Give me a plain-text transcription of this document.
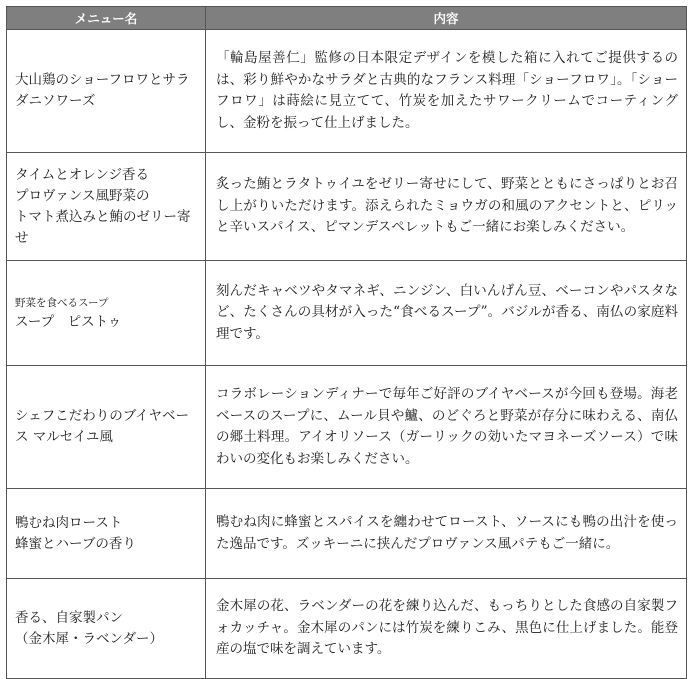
メニュー名	内容

大山鶏のショーフロワとサラダニソワーズ	「輪島屋善仁」監修の日本限定デザインを模した箱に入れてご提供するのは、彩り鮮やかなサラダと古典的なフランス料理「ショーフロワ」。「ショーフロワ」は蒔絵に見立てて、竹炭を加えたサワークリームでコーティングし、金粉を振って仕上げました。

タイムとオレンジ香る
プロヴァンス風野菜の
トマト煮込みと鮪のゼリー寄せ	炙った鮪とラタトゥイユをゼリー寄せにして、野菜とともにさっぱりとお召し上がりいただけます。添えられたミョウガの和風のアクセントと、ピリッと辛いスパイス、ピマンデスペレットもご一緒にお楽しみください。

野菜を食べるスープ
スープ　ピストゥ	刻んだキャベツやタマネギ、ニンジン、白いんげん豆、ベーコンやパスタなど、たくさんの具材が入った“食べるスープ”。バジルが香る、南仏の家庭料理です。

シェフこだわりのブイヤベース マルセイユ風	コラボレーションディナーで毎年ご好評のブイヤベースが今回も登場。海老ベースのスープに、ムール貝や鱸、のどぐろと野菜が存分に味わえる、南仏の郷土料理。アイオリソース（ガーリックの効いたマヨネーズソース）で味わいの変化もお楽しみください。

鴨むね肉ロースト
蜂蜜とハーブの香り	鴨むね肉に蜂蜜とスパイスを纏わせてロースト、ソースにも鴨の出汁を使った逸品です。ズッキーニに挟んだプロヴァンス風パテもご一緒に。

香る、自家製パン
（金木犀・ラベンダー）	金木犀の花、ラベンダーの花を練り込んだ、もっちりとした食感の自家製フォカッチャ。金木犀のパンには竹炭を練りこみ、黒色に仕上げました。能登産の塩で味を調えています。
